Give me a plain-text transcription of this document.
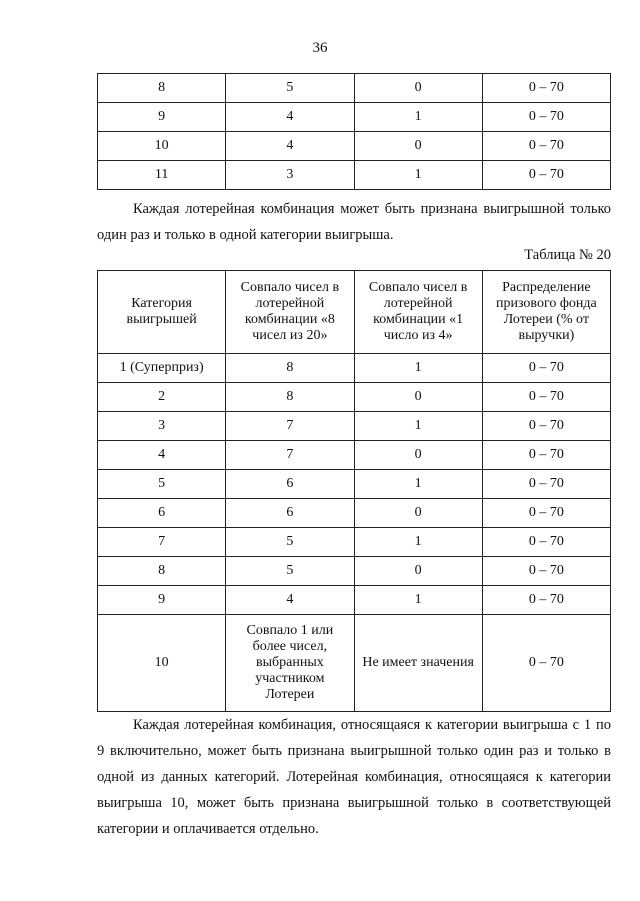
36
8	5	0	0 – 70
9	4	1	0 – 70
10	4	0	0 – 70
11	3	1	0 – 70
Каждая лотерейная комбинация может быть признана выигрышной только один раз и только в одной категории выигрыша.
Таблица № 20
Категория выигрышей	Совпало чисел в лотерейной комбинации «8 чисел из 20»	Совпало чисел в лотерейной комбинации «1 число из 4»	Распределение призового фонда Лотереи (% от выручки)
1 (Суперприз)	8	1	0 – 70
2	8	0	0 – 70
3	7	1	0 – 70
4	7	0	0 – 70
5	6	1	0 – 70
6	6	0	0 – 70
7	5	1	0 – 70
8	5	0	0 – 70
9	4	1	0 – 70
10	Совпало 1 или более чисел, выбранных участником Лотереи	Не имеет значения	0 – 70
Каждая лотерейная комбинация, относящаяся к категории выигрыша с 1 по 9 включительно, может быть признана выигрышной только один раз и только в одной из данных категорий. Лотерейная комбинация, относящаяся к категории выигрыша 10, может быть признана выигрышной только в соответствующей категории и оплачивается отдельно.
